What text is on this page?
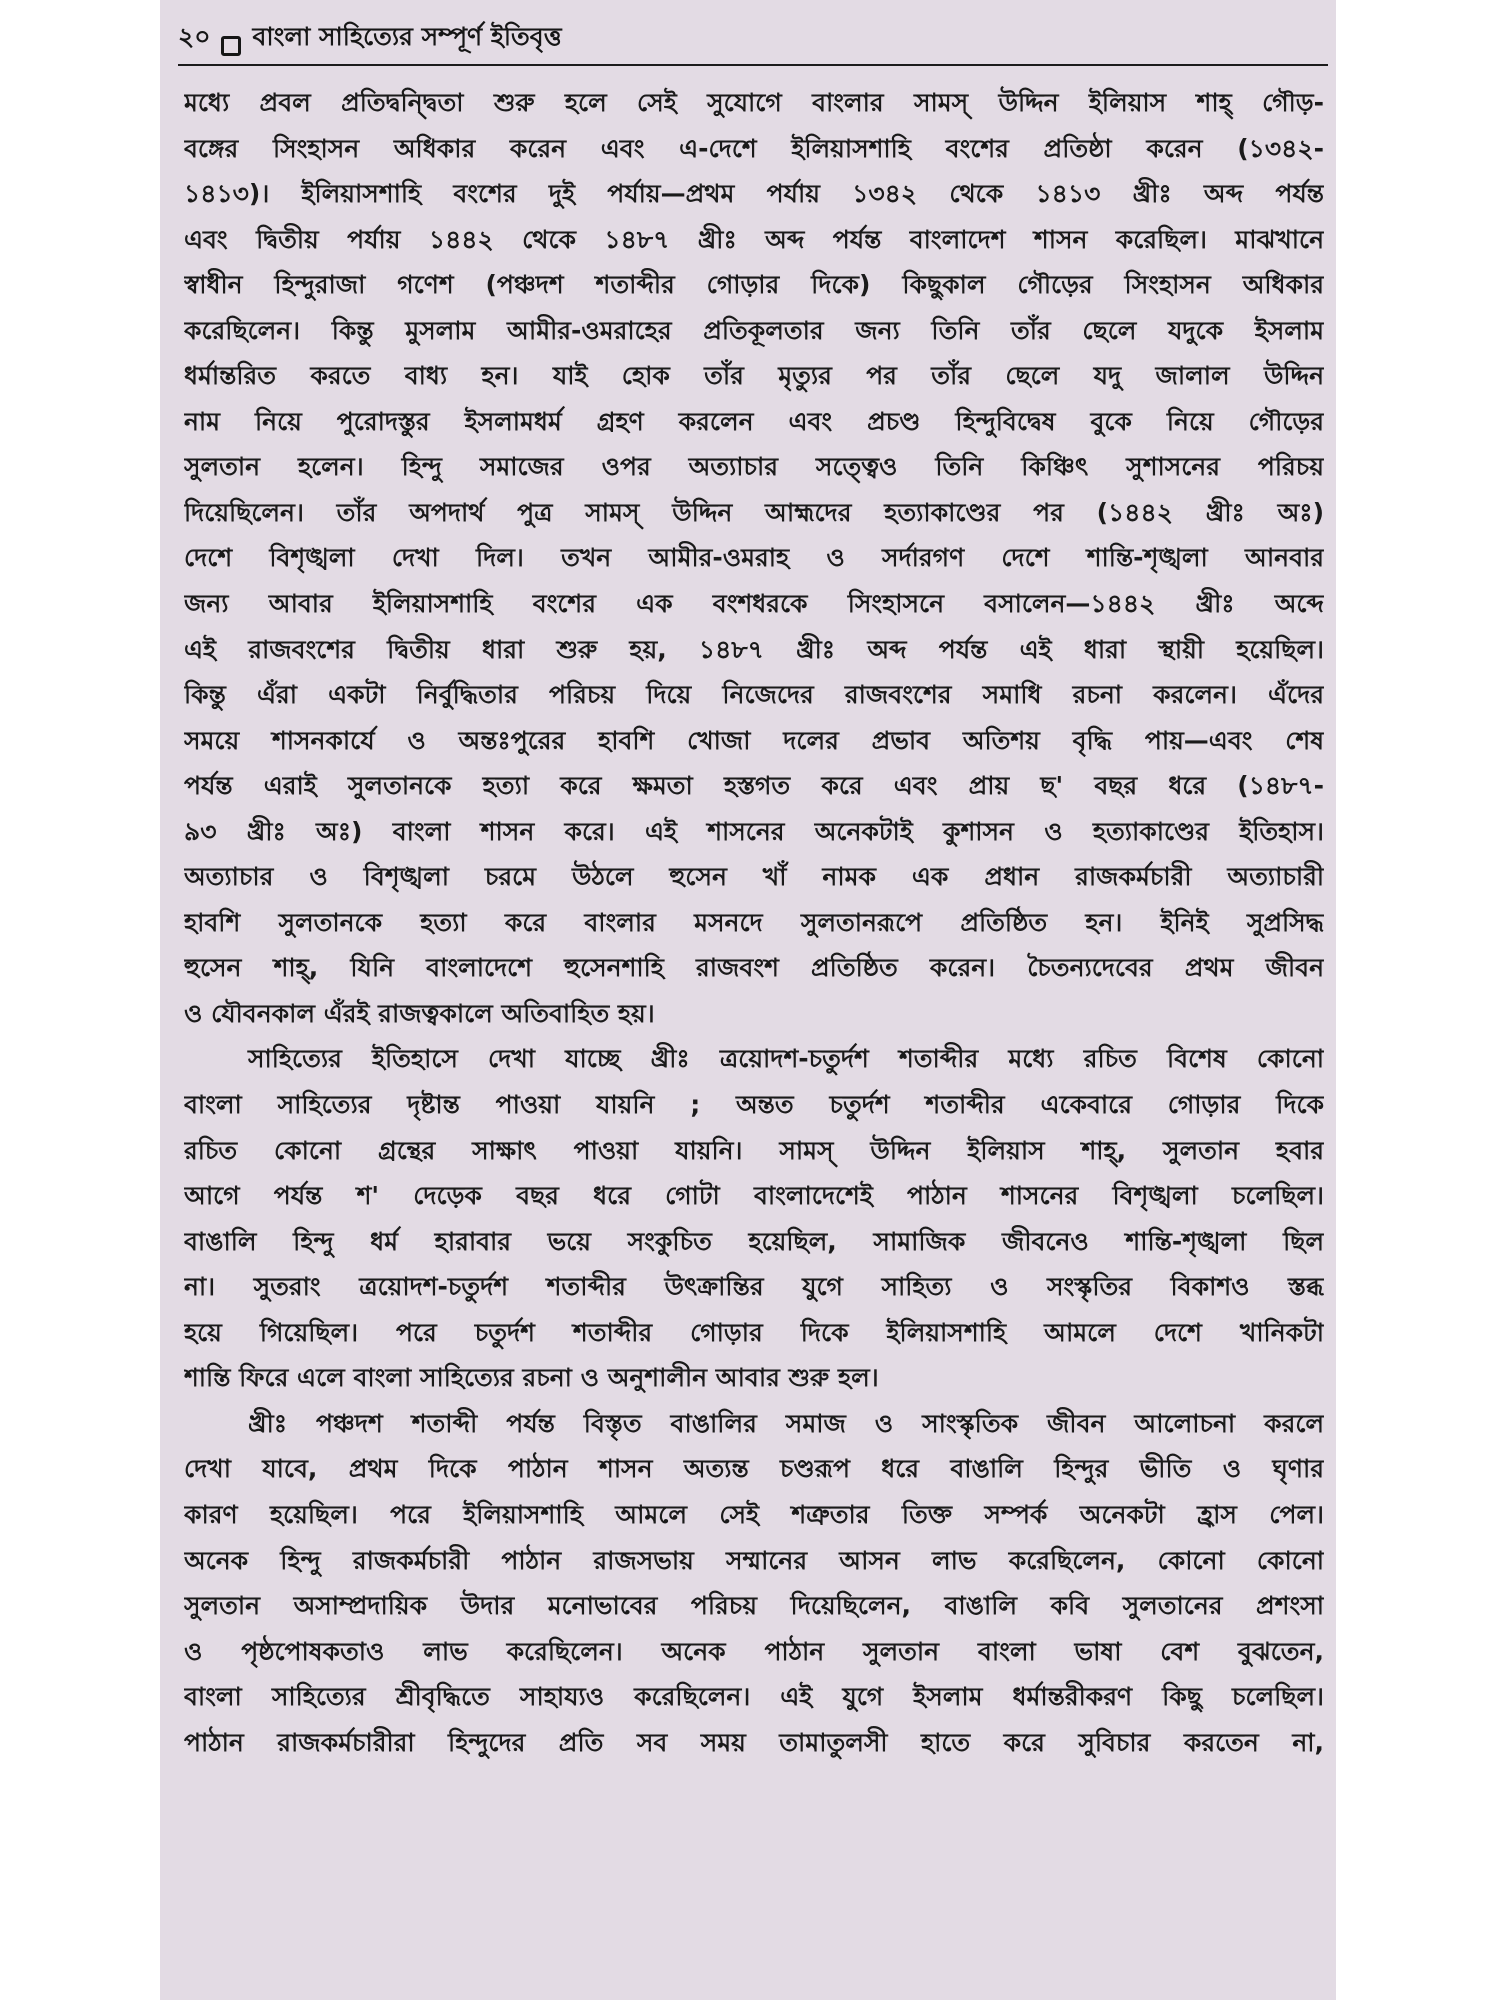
২০ বাংলা সাহিত্যের সম্পূর্ণ ইতিবৃত্ত
মধ্যে প্রবল প্রতিদ্বন্দ্বিতা শুরু হলে সেই সুযোগে বাংলার সামস্ উদ্দিন ইলিয়াস শাহ্ গৌড়-
বঙ্গের সিংহাসন অধিকার করেন এবং এ-দেশে ইলিয়াসশাহি বংশের প্রতিষ্ঠা করেন (১৩৪২-
১৪১৩)। ইলিয়াসশাহি বংশের দুই পর্যায়—প্রথম পর্যায় ১৩৪২ থেকে ১৪১৩ খ্রীঃ অব্দ পর্যন্ত
এবং দ্বিতীয় পর্যায় ১৪৪২ থেকে ১৪৮৭ খ্রীঃ অব্দ পর্যন্ত বাংলাদেশ শাসন করেছিল। মাঝখানে
স্বাধীন হিন্দুরাজা গণেশ (পঞ্চদশ শতাব্দীর গোড়ার দিকে) কিছুকাল গৌড়ের সিংহাসন অধিকার
করেছিলেন। কিন্তু মুসলাম আমীর-ওমরাহের প্রতিকূলতার জন্য তিনি তাঁর ছেলে যদুকে ইসলাম
ধর্মান্তরিত করতে বাধ্য হন। যাই হোক তাঁর মৃত্যুর পর তাঁর ছেলে যদু জালাল উদ্দিন
নাম নিয়ে পুরোদস্তুর ইসলামধর্ম গ্রহণ করলেন এবং প্রচণ্ড হিন্দুবিদ্বেষ বুকে নিয়ে গৌড়ের
সুলতান হলেন। হিন্দু সমাজের ওপর অত্যাচার সত্ত্বেও তিনি কিঞ্চিৎ সুশাসনের পরিচয়
দিয়েছিলেন। তাঁর অপদার্থ পুত্র সামস্ উদ্দিন আহ্মদের হত্যাকাণ্ডের পর (১৪৪২ খ্রীঃ অঃ)
দেশে বিশৃঙ্খলা দেখা দিল। তখন আমীর-ওমরাহ ও সর্দারগণ দেশে শান্তি-শৃঙ্খলা আনবার
জন্য আবার ইলিয়াসশাহি বংশের এক বংশধরকে সিংহাসনে বসালেন—১৪৪২ খ্রীঃ অব্দে
এই রাজবংশের দ্বিতীয় ধারা শুরু হয়, ১৪৮৭ খ্রীঃ অব্দ পর্যন্ত এই ধারা স্থায়ী হয়েছিল।
কিন্তু এঁরা একটা নির্বুদ্ধিতার পরিচয় দিয়ে নিজেদের রাজবংশের সমাধি রচনা করলেন। এঁদের
সময়ে শাসনকার্যে ও অন্তঃপুরের হাবশি খোজা দলের প্রভাব অতিশয় বৃদ্ধি পায়—এবং শেষ
পর্যন্ত এরাই সুলতানকে হত্যা করে ক্ষমতা হস্তগত করে এবং প্রায় ছ' বছর ধরে (১৪৮৭-
৯৩ খ্রীঃ অঃ) বাংলা শাসন করে। এই শাসনের অনেকটাই কুশাসন ও হত্যাকাণ্ডের ইতিহাস।
অত্যাচার ও বিশৃঙ্খলা চরমে উঠলে হুসেন খাঁ নামক এক প্রধান রাজকর্মচারী অত্যাচারী
হাবশি সুলতানকে হত্যা করে বাংলার মসনদে সুলতানরূপে প্রতিষ্ঠিত হন। ইনিই সুপ্রসিদ্ধ
হুসেন শাহ্, যিনি বাংলাদেশে হুসেনশাহি রাজবংশ প্রতিষ্ঠিত করেন। চৈতন্যদেবের প্রথম জীবন
ও যৌবনকাল এঁরই রাজত্বকালে অতিবাহিত হয়।
সাহিত্যের ইতিহাসে দেখা যাচ্ছে খ্রীঃ ত্রয়োদশ-চতুর্দশ শতাব্দীর মধ্যে রচিত বিশেষ কোনো
বাংলা সাহিত্যের দৃষ্টান্ত পাওয়া যায়নি ; অন্তত চতুর্দশ শতাব্দীর একেবারে গোড়ার দিকে
রচিত কোনো গ্রন্থের সাক্ষাৎ পাওয়া যায়নি। সামস্ উদ্দিন ইলিয়াস শাহ্, সুলতান হবার
আগে পর্যন্ত শ' দেড়েক বছর ধরে গোটা বাংলাদেশেই পাঠান শাসনের বিশৃঙ্খলা চলেছিল।
বাঙালি হিন্দু ধর্ম হারাবার ভয়ে সংকুচিত হয়েছিল, সামাজিক জীবনেও শান্তি-শৃঙ্খলা ছিল
না। সুতরাং ত্রয়োদশ-চতুর্দশ শতাব্দীর উৎক্রান্তির যুগে সাহিত্য ও সংস্কৃতির বিকাশও স্তব্ধ
হয়ে গিয়েছিল। পরে চতুর্দশ শতাব্দীর গোড়ার দিকে ইলিয়াসশাহি আমলে দেশে খানিকটা
শান্তি ফিরে এলে বাংলা সাহিত্যের রচনা ও অনুশালীন আবার শুরু হল।
খ্রীঃ পঞ্চদশ শতাব্দী পর্যন্ত বিস্তৃত বাঙালির সমাজ ও সাংস্কৃতিক জীবন আলোচনা করলে
দেখা যাবে, প্রথম দিকে পাঠান শাসন অত্যন্ত চণ্ডরূপ ধরে বাঙালি হিন্দুর ভীতি ও ঘৃণার
কারণ হয়েছিল। পরে ইলিয়াসশাহি আমলে সেই শত্রুতার তিক্ত সম্পর্ক অনেকটা হ্রাস পেল।
অনেক হিন্দু রাজকর্মচারী পাঠান রাজসভায় সম্মানের আসন লাভ করেছিলেন, কোনো কোনো
সুলতান অসাম্প্রদায়িক উদার মনোভাবের পরিচয় দিয়েছিলেন, বাঙালি কবি সুলতানের প্রশংসা
ও পৃষ্ঠপোষকতাও লাভ করেছিলেন। অনেক পাঠান সুলতান বাংলা ভাষা বেশ বুঝতেন,
বাংলা সাহিত্যের শ্রীবৃদ্ধিতে সাহায্যও করেছিলেন। এই যুগে ইসলাম ধর্মান্তরীকরণ কিছু চলেছিল।
পাঠান রাজকর্মচারীরা হিন্দুদের প্রতি সব সময় তামাতুলসী হাতে করে সুবিচার করতেন না,
